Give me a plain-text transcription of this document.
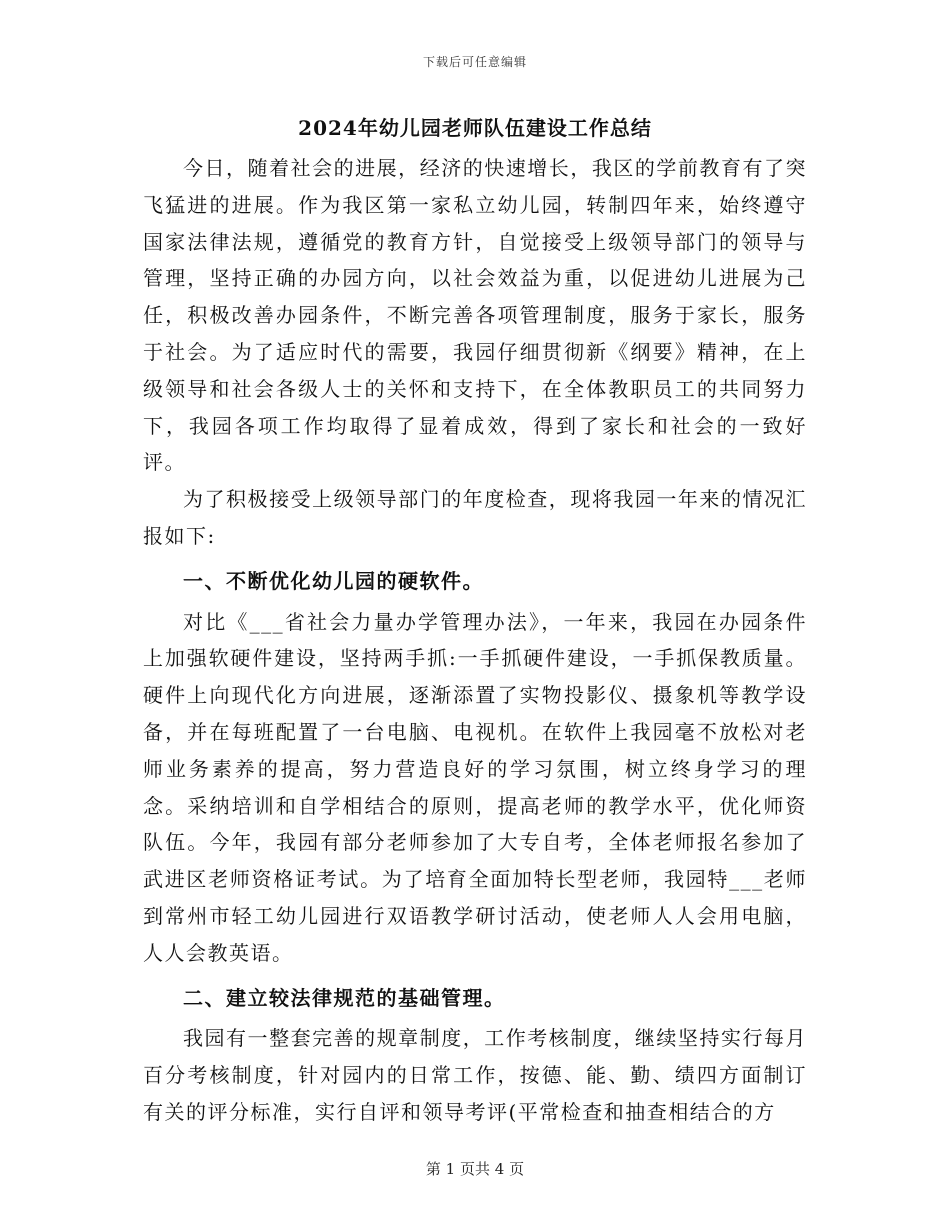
下载后可任意编辑
2024年幼儿园老师队伍建设工作总结

今日，随着社会的进展，经济的快速增长，我区的学前教育有了突飞猛进的进展。作为我区第一家私立幼儿园，转制四年来，始终遵守国家法律法规，遵循党的教育方针，自觉接受上级领导部门的领导与管理，坚持正确的办园方向，以社会效益为重，以促进幼儿进展为己任，积极改善办园条件，不断完善各项管理制度，服务于家长，服务于社会。为了适应时代的需要，我园仔细贯彻新《纲要》精神，在上级领导和社会各级人士的关怀和支持下，在全体教职员工的共同努力下，我园各项工作均取得了显着成效，得到了家长和社会的一致好评。

为了积极接受上级领导部门的年度检查，现将我园一年来的情况汇报如下:

一、不断优化幼儿园的硬软件。

对比《___省社会力量办学管理办法》，一年来，我园在办园条件上加强软硬件建设，坚持两手抓:一手抓硬件建设，一手抓保教质量。硬件上向现代化方向进展，逐渐添置了实物投影仪、摄象机等教学设备，并在每班配置了一台电脑、电视机。在软件上我园毫不放松对老师业务素养的提高，努力营造良好的学习氛围，树立终身学习的理念。采纳培训和自学相结合的原则，提高老师的教学水平，优化师资队伍。今年，我园有部分老师参加了大专自考，全体老师报名参加了武进区老师资格证考试。为了培育全面加特长型老师，我园特___老师到常州市轻工幼儿园进行双语教学研讨活动，使老师人人会用电脑，人人会教英语。

二、建立较法律规范的基础管理。

我园有一整套完善的规章制度，工作考核制度，继续坚持实行每月百分考核制度，针对园内的日常工作，按德、能、勤、绩四方面制订有关的评分标准，实行自评和领导考评(平常检查和抽查相结合的方

第 1 页共 4 页
